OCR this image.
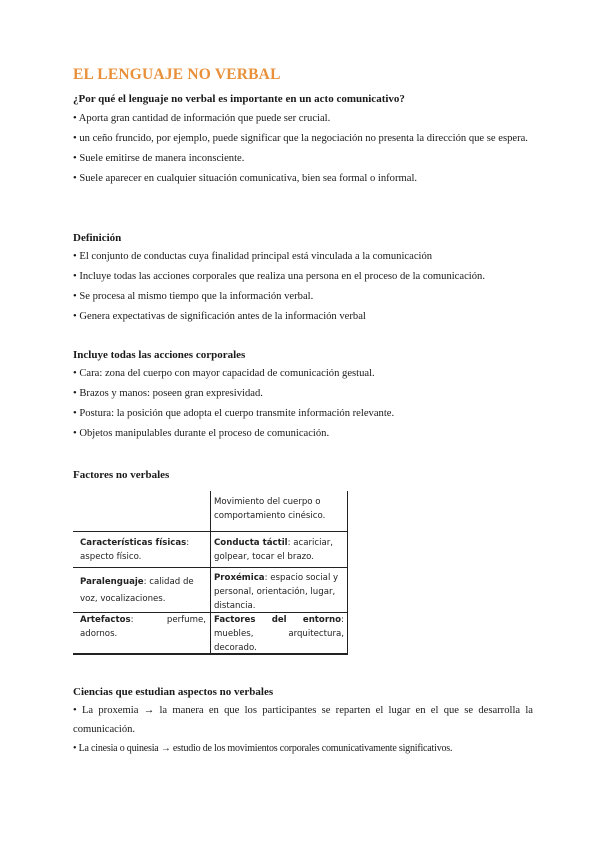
EL LENGUAJE NO VERBAL
¿Por qué el lenguaje no verbal es importante en un acto comunicativo?
• Aporta gran cantidad de información que puede ser crucial.
• un ceño fruncido, por ejemplo, puede significar que la negociación no presenta la dirección que se espera.
• Suele emitirse de manera inconsciente.
• Suele aparecer en cualquier situación comunicativa, bien sea formal o informal.
Definición
• El conjunto de conductas cuya finalidad principal está vinculada a la comunicación
• Incluye todas las acciones corporales que realiza una persona en el proceso de la comunicación.
• Se procesa al mismo tiempo que la información verbal.
• Genera expectativas de significación antes de la información verbal
Incluye todas las acciones corporales
• Cara: zona del cuerpo con mayor capacidad de comunicación gestual.
• Brazos y manos: poseen gran expresividad.
• Postura: la posición que adopta el cuerpo transmite información relevante.
• Objetos manipulables durante el proceso de comunicación.
Factores no verbales
Movimiento del cuerpo o comportamiento cinésico.
Características físicas: aspecto físico.
Conducta táctil: acariciar, golpear, tocar el brazo.
Paralenguaje: calidad de voz, vocalizaciones.
Proxémica: espacio social y personal, orientación, lugar, distancia.
Artefactos: perfume, adornos.
Factores del entorno: muebles, arquitectura, decorado.
Ciencias que estudian aspectos no verbales
• La proxemia → la manera en que los participantes se reparten el lugar en el que se desarrolla la comunicación.
• La cinesia o quinesia → estudio de los movimientos corporales comunicativamente significativos.
